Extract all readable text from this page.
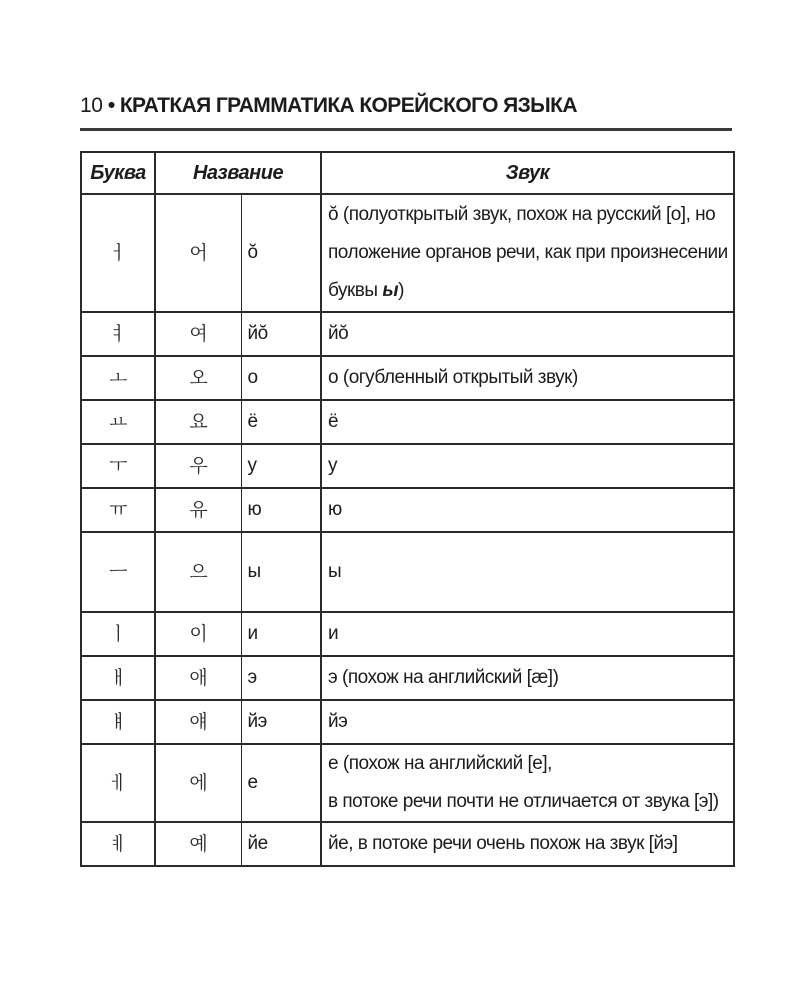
10 • КРАТКАЯ ГРАММАТИКА КОРЕЙСКОГО ЯЗЫКА
Буква	Название		Звук
ㅓ	어	ŏ	ŏ (полуоткрытый звук, похож на русский [о], но положение органов речи, как при произнесении буквы ы)
ㅕ	여	йŏ	йŏ
ㅗ	오	о	о (огубленный открытый звук)
ㅛ	요	ё	ё
ㅜ	우	у	у
ㅠ	유	ю	ю
ㅡ	으	ы	ы
ㅣ	이	и	и
ㅐ	애	э	э (похож на английский [æ])
ㅒ	얘	йэ	йэ
ㅔ	에	е	е (похож на английский [e],
в потоке речи почти не отличается от звука [э])

ㅖ	예	йе	йе, в потоке речи очень похож на звук [йэ]
